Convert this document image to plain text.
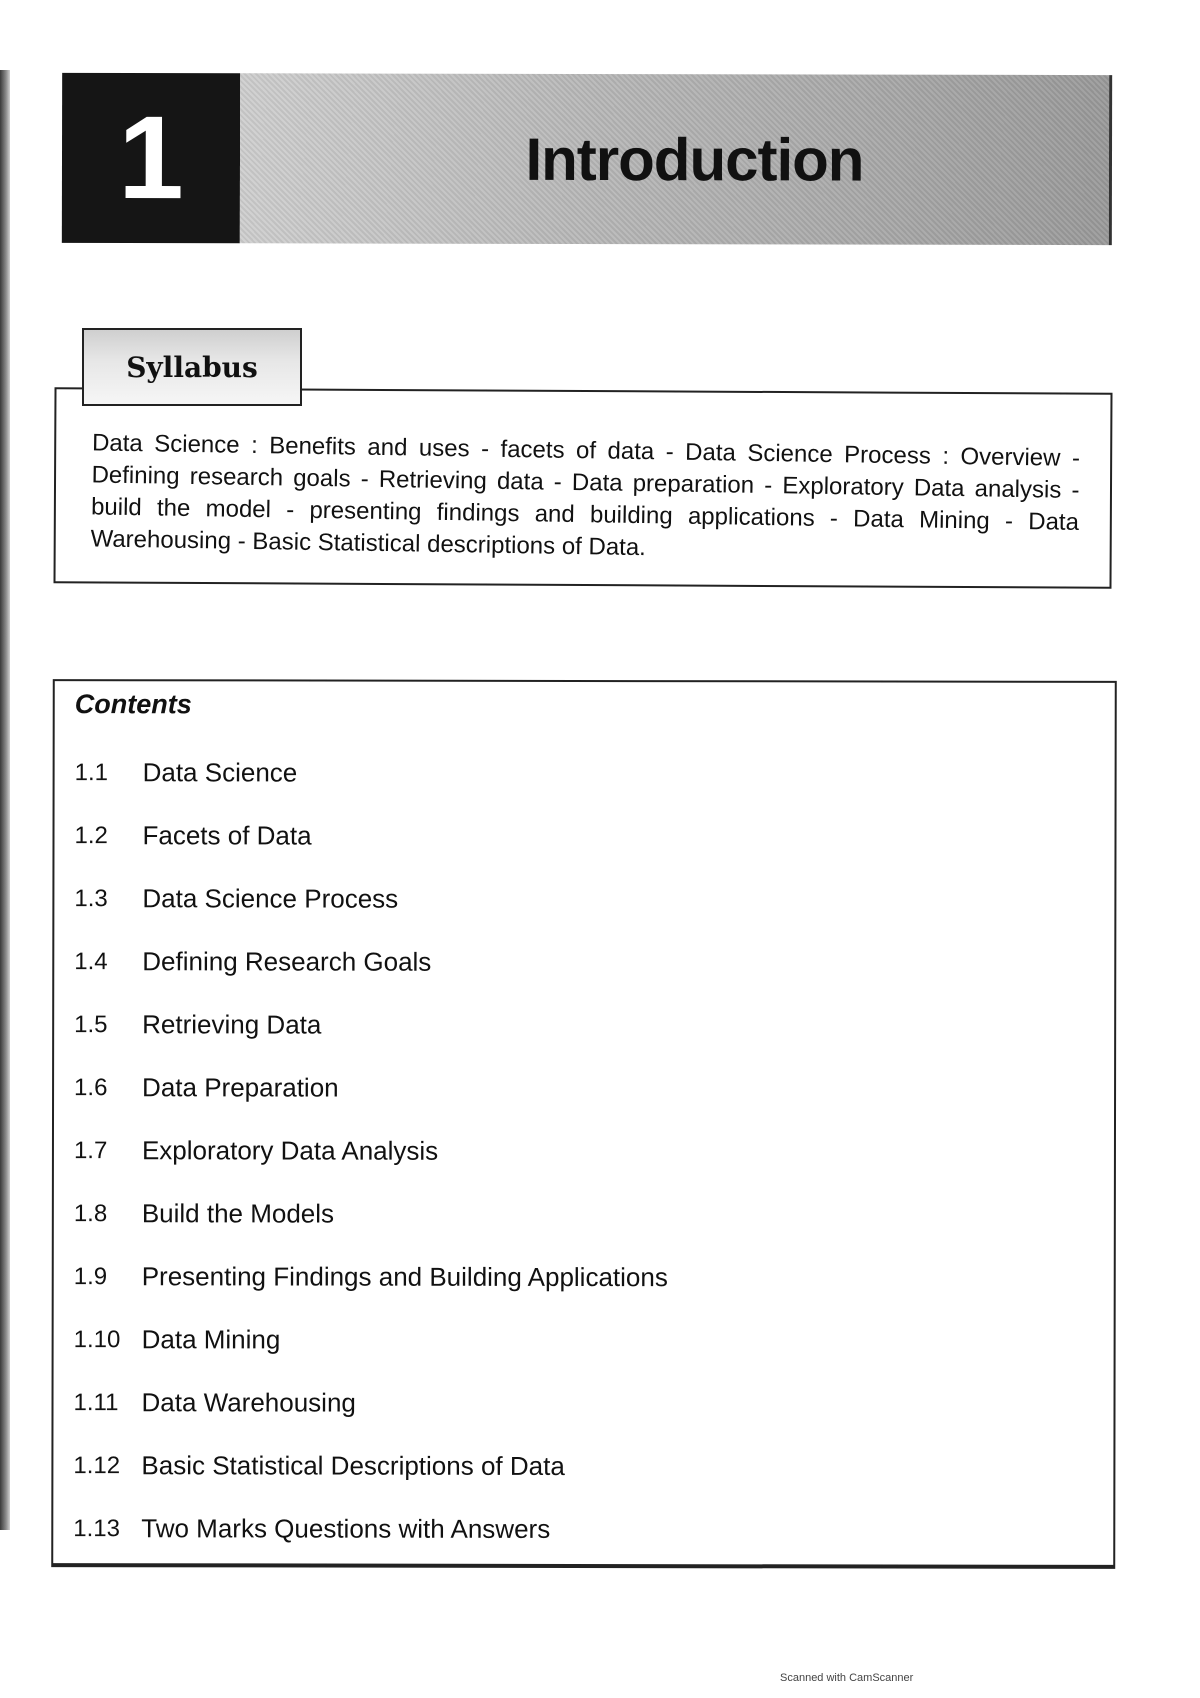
1	Introduction
Syllabus

Data Science : Benefits and uses - facets of data - Data Science Process : Overview - Defining research goals - Retrieving data - Data preparation - Exploratory Data analysis - build the model - presenting findings and building applications - Data Mining - Data Warehousing - Basic Statistical descriptions of Data.

Contents

1.1	Data Science
1.2	Facets of Data
1.3	Data Science Process
1.4	Defining Research Goals
1.5	Retrieving Data
1.6	Data Preparation
1.7	Exploratory Data Analysis
1.8	Build the Models
1.9	Presenting Findings and Building Applications
1.10 Data Mining
1.11 Data Warehousing
1.12 Basic Statistical Descriptions of Data
1.13 Two Marks Questions with Answers
Scanned with CamScanner
